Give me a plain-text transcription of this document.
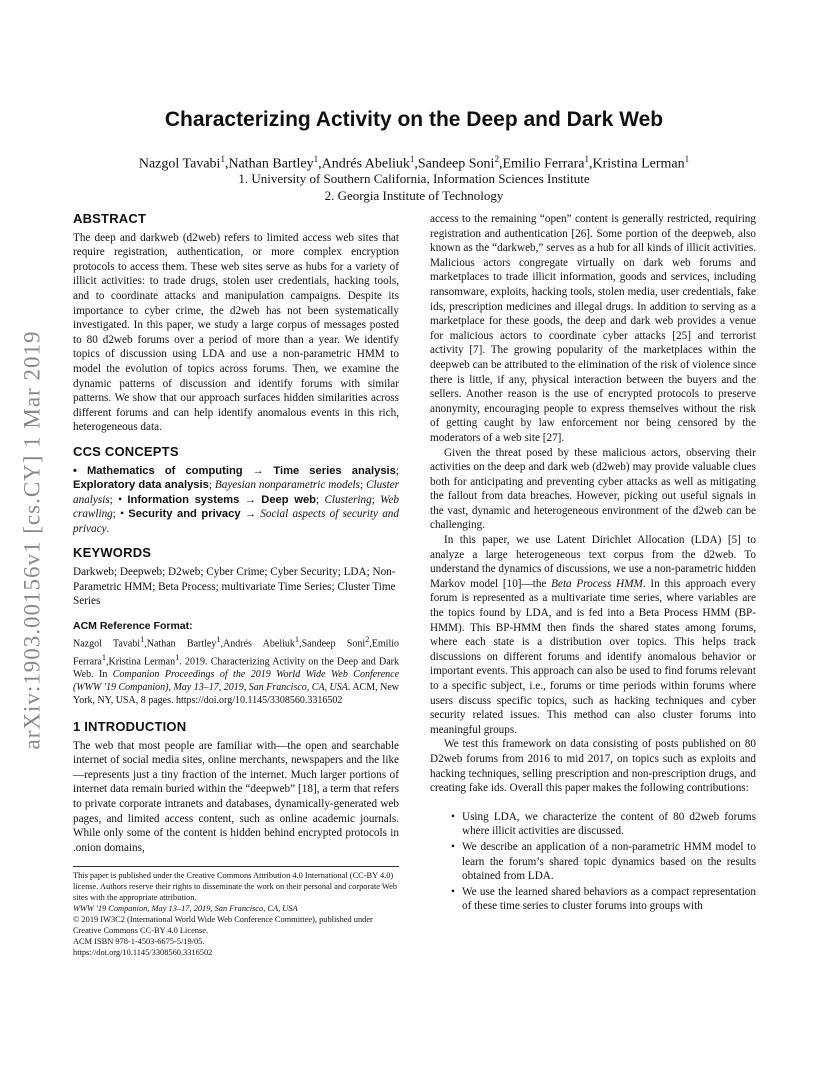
arXiv:1903.00156v1 [cs.CY] 1 Mar 2019
Characterizing Activity on the Deep and Dark Web
Nazgol Tavabi$^1$,Nathan Bartley$^1$,Andrés Abeliuk$^1$,Sandeep Soni$^2$,Emilio Ferrara$^1$,Kristina Lerman$^1$
1. University of Southern California, Information Sciences Institute
2. Georgia Institute of Technology
ABSTRACT

The deep and darkweb (d2web) refers to limited access web sites that require registration, authentication, or more complex encryption protocols to access them. These web sites serve as hubs for a variety of illicit activities: to trade drugs, stolen user credentials, hacking tools, and to coordinate attacks and manipulation campaigns. Despite its importance to cyber crime, the d2web has not been systematically investigated. In this paper, we study a large corpus of messages posted to 80 d2web forums over a period of more than a year. We identify topics of discussion using LDA and use a non-parametric HMM to model the evolution of topics across forums. Then, we examine the dynamic patterns of discussion and identify forums with similar patterns. We show that our approach surfaces hidden similarities across different forums and can help identify anomalous events in this rich, heterogeneous data.

CCS CONCEPTS

• Mathematics of computing → Time series analysis; Exploratory data analysis; Bayesian nonparametric models; Cluster analysis; • Information systems → Deep web; Clustering; Web crawling; • Security and privacy → Social aspects of security and privacy.

KEYWORDS

Darkweb; Deepweb; D2web; Cyber Crime; Cyber Security; LDA; Non-Parametric HMM; Beta Process; multivariate Time Series; Cluster Time Series

ACM Reference Format:

Nazgol Tavabi$^1$,Nathan Bartley$^1$,Andrés Abeliuk$^1$,Sandeep Soni$^2$,Emilio Ferrara$^1$,Kristina Lerman$^1$. 2019. Characterizing Activity on the Deep and Dark Web. In Companion Proceedings of the 2019 World Wide Web Conference (WWW '19 Companion), May 13–17, 2019, San Francisco, CA, USA. ACM, New York, NY, USA, 8 pages. https://doi.org/10.1145/3308560.3316502

1 INTRODUCTION

The web that most people are familiar with—the open and searchable internet of social media sites, online merchants, newspapers and the like—represents just a tiny fraction of the internet. Much larger portions of internet data remain buried within the “deepweb” [18], a term that refers to private corporate intranets and databases, dynamically-generated web pages, and limited access content, such as online academic journals. While only some of the content is hidden behind encrypted protocols in .onion domains,

This paper is published under the Creative Commons Attribution 4.0 International (CC-BY 4.0) license. Authors reserve their rights to disseminate the work on their personal and corporate Web sites with the appropriate attribution.

WWW '19 Companion, May 13–17, 2019, San Francisco, CA, USA

© 2019 IW3C2 (International World Wide Web Conference Committee), published under Creative Commons CC-BY 4.0 License.

ACM ISBN 978-1-4503-6675-5/19/05.

https://doi.org/10.1145/3308560.3316502

access to the remaining “open” content is generally restricted, requiring registration and authentication [26]. Some portion of the deepweb, also known as the “darkweb,” serves as a hub for all kinds of illicit activities. Malicious actors congregate virtually on dark web forums and marketplaces to trade illicit information, goods and services, including ransomware, exploits, hacking tools, stolen media, user credentials, fake ids, prescription medicines and illegal drugs. In addition to serving as a marketplace for these goods, the deep and dark web provides a venue for malicious actors to coordinate cyber attacks [25] and terrorist activity [7]. The growing popularity of the marketplaces within the deepweb can be attributed to the elimination of the risk of violence since there is little, if any, physical interaction between the buyers and the sellers. Another reason is the use of encrypted protocols to preserve anonymity, encouraging people to express themselves without the risk of getting caught by law enforcement nor being censored by the moderators of a web site [27].

Given the threat posed by these malicious actors, observing their activities on the deep and dark web (d2web) may provide valuable clues both for anticipating and preventing cyber attacks as well as mitigating the fallout from data breaches. However, picking out useful signals in the vast, dynamic and heterogeneous environment of the d2web can be challenging.

In this paper, we use Latent Dirichlet Allocation (LDA) [5] to analyze a large heterogeneous text corpus from the d2web. To understand the dynamics of discussions, we use a non-parametric hidden Markov model [10]—the Beta Process HMM. In this approach every forum is represented as a multivariate time series, where variables are the topics found by LDA, and is fed into a Beta Process HMM (BP-HMM). This BP-HMM then finds the shared states among forums, where each state is a distribution over topics. This helps track discussions on different forums and identify anomalous behavior or important events. This approach can also be used to find forums relevant to a specific subject, i.e., forums or time periods within forums where users discuss specific topics, such as hacking techniques and cyber security related issues. This method can also cluster forums into meaningful groups.

We test this framework on data consisting of posts published on 80 D2web forums from 2016 to mid 2017, on topics such as exploits and hacking techniques, selling prescription and non-prescription drugs, and creating fake ids. Overall this paper makes the following contributions:

• Using LDA, we characterize the content of 80 d2web forums where illicit activities are discussed.
• We describe an application of a non-parametric HMM model to learn the forum’s shared topic dynamics based on the results obtained from LDA.
• We use the learned shared behaviors as a compact representation of these time series to cluster forums into groups with
